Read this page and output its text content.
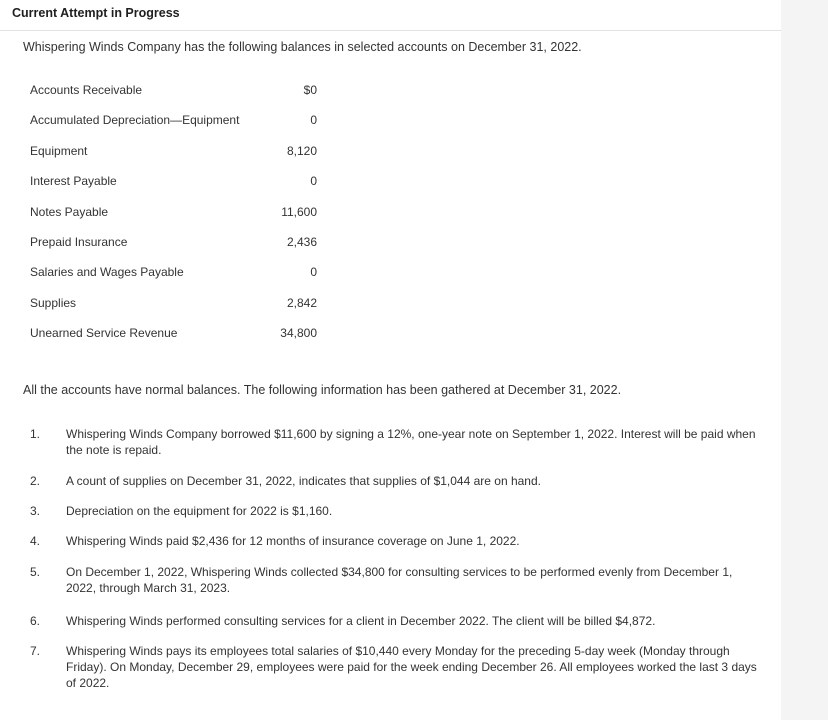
Current Attempt in Progress

Whispering Winds Company has the following balances in selected accounts on December 31, 2022.

Accounts Receivable	$0
Accumulated Depreciation—Equipment	0
Equipment	8,120
Interest Payable	0
Notes Payable	11,600
Prepaid Insurance	2,436
Salaries and Wages Payable	0
Supplies	2,842
Unearned Service Revenue	34,800

All the accounts have normal balances. The following information has been gathered at December 31, 2022.

1.	Whispering Winds Company borrowed $11,600 by signing a 12%, one-year note on September 1, 2022. Interest will be paid when the note is repaid.
2.	A count of supplies on December 31, 2022, indicates that supplies of $1,044 are on hand.
3.	Depreciation on the equipment for 2022 is $1,160.
4.	Whispering Winds paid $2,436 for 12 months of insurance coverage on June 1, 2022.
5.	On December 1, 2022, Whispering Winds collected $34,800 for consulting services to be performed evenly from December 1, 2022, through March 31, 2023.
6.	Whispering Winds performed consulting services for a client in December 2022. The client will be billed $4,872.
7.	Whispering Winds pays its employees total salaries of $10,440 every Monday for the preceding 5-day week (Monday through Friday). On Monday, December 29, employees were paid for the week ending December 26. All employees worked the last 3 days of 2022.
